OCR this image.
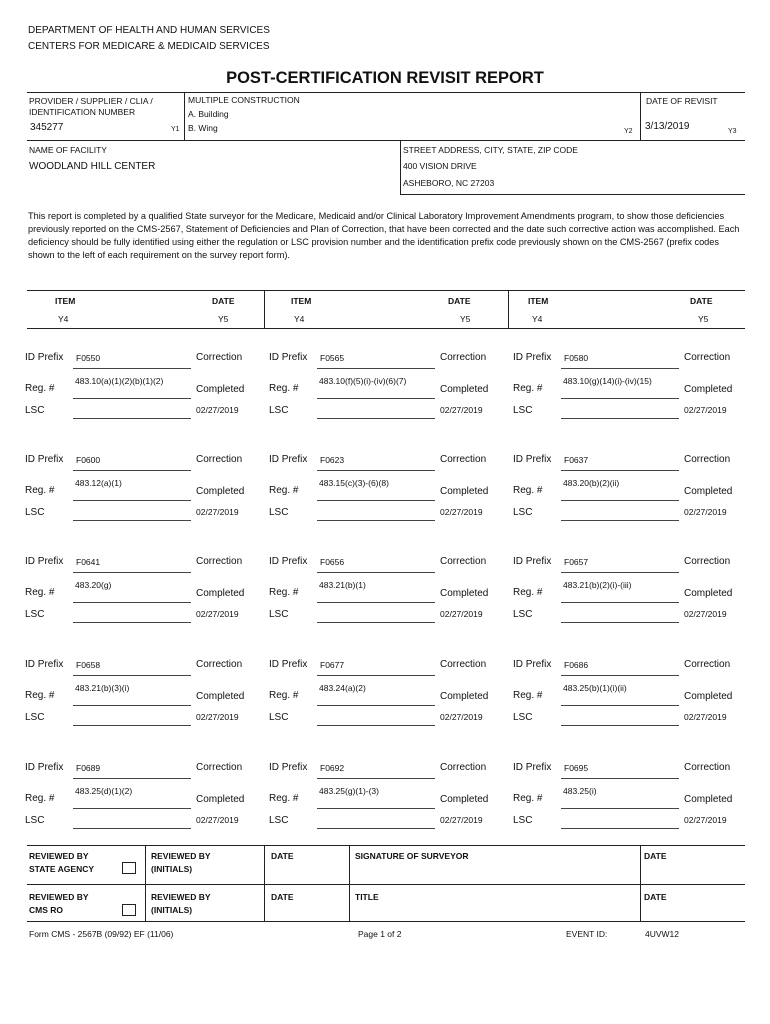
DEPARTMENT OF HEALTH AND HUMAN SERVICES
CENTERS FOR MEDICARE & MEDICAID SERVICES
POST-CERTIFICATION REVISIT REPORT
PROVIDER / SUPPLIER / CLIA / IDENTIFICATION NUMBER
345277	Y1
MULTIPLE CONSTRUCTION
A. Building
B. Wing	Y2
DATE OF REVISIT
3/13/2019	Y3
NAME OF FACILITY
WOODLAND HILL CENTER
STREET ADDRESS, CITY, STATE, ZIP CODE
400 VISION DRIVE
ASHEBORO, NC 27203
This report is completed by a qualified State surveyor for the Medicare, Medicaid and/or Clinical Laboratory Improvement Amendments program, to show those deficiencies previously reported on the CMS-2567, Statement of Deficiencies and Plan of Correction, that have been corrected and the date such corrective action was accomplished. Each deficiency should be fully identified using either the regulation or LSC provision number and the identification prefix code previously shown on the CMS-2567 (prefix codes shown to the left of each requirement on the survey report form).
ITEM	DATE	ITEM	DATE	ITEM	DATE
Y4	Y5	Y4	Y5	Y4	Y5
ID Prefix F0550	Correction
Reg. #
483.10(a)(1)(2)(b)(1)(2)
Completed
LSC	02/27/2019
ID Prefix F0565	Correction
Reg. #
483.10(f)(5)(i)-(iv)(6)(7)
Completed
LSC	02/27/2019
ID Prefix F0580	Correction
Reg. #
483.10(g)(14)(i)-(iv)(15)
Completed
LSC	02/27/2019
ID Prefix F0600	Correction
Reg. #
483.12(a)(1)
Completed
LSC	02/27/2019
ID Prefix F0623	Correction
Reg. #
483.15(c)(3)-(6)(8)
Completed
LSC	02/27/2019
ID Prefix F0637	Correction
Reg. #
483.20(b)(2)(ii)
Completed
LSC	02/27/2019
ID Prefix F0641	Correction
Reg. #
483.20(g)
Completed
LSC	02/27/2019
ID Prefix F0656	Correction
Reg. #
483.21(b)(1)
Completed
LSC	02/27/2019
ID Prefix F0657	Correction
Reg. #
483.21(b)(2)(i)-(iii)
Completed
LSC	02/27/2019
ID Prefix F0658	Correction
Reg. #
483.21(b)(3)(i)
Completed
LSC	02/27/2019
ID Prefix F0677	Correction
Reg. #
483.24(a)(2)
Completed
LSC	02/27/2019
ID Prefix F0686	Correction
Reg. #
483.25(b)(1)(i)(ii)
Completed
LSC	02/27/2019
ID Prefix F0689	Correction
Reg. #
483.25(d)(1)(2)
Completed
LSC	02/27/2019
ID Prefix F0692	Correction
Reg. #
483.25(g)(1)-(3)
Completed
LSC	02/27/2019
ID Prefix F0695	Correction
Reg. #
483.25(i)
Completed
LSC	02/27/2019
REVIEWED BY
STATE AGENCY
REVIEWED BY
(INITIALS)
DATE	SIGNATURE OF SURVEYOR	DATE
REVIEWED BY
CMS RO
REVIEWED BY
(INITIALS)
DATE	TITLE	DATE
Form CMS - 2567B (09/92) EF (11/06)	Page 1 of 2	EVENT ID:	4UVW12
